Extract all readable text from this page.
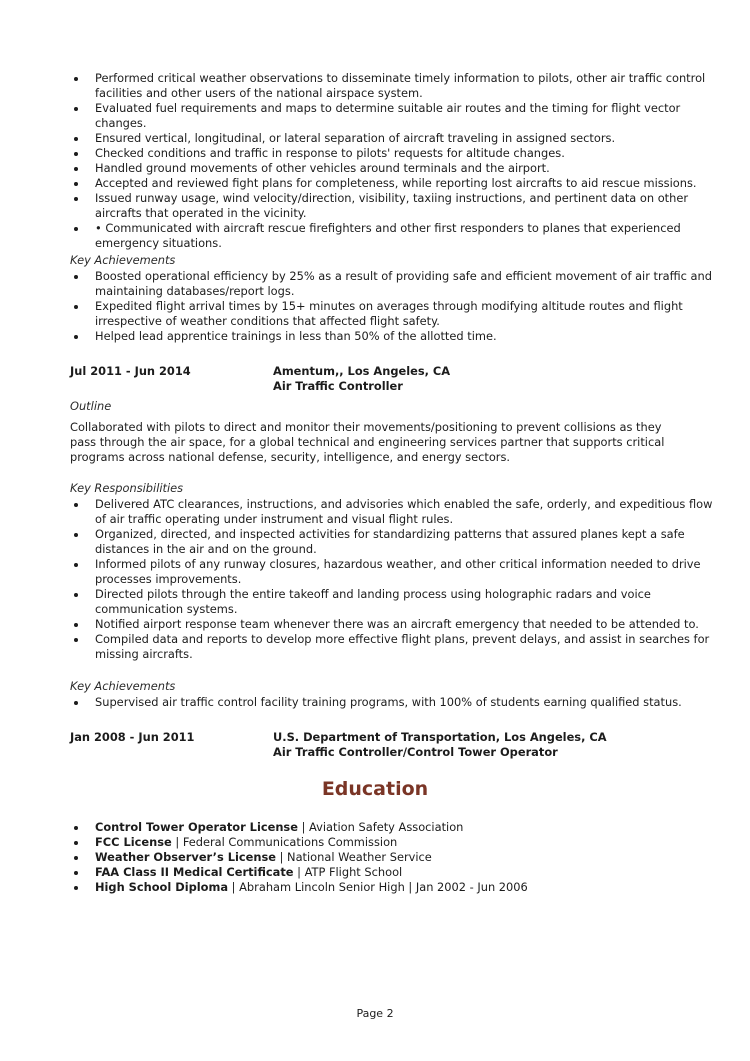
Performed critical weather observations to disseminate timely information to pilots, other air traffic control facilities and other users of the national airspace system.
Evaluated fuel requirements and maps to determine suitable air routes and the timing for flight vector changes.
Ensured vertical, longitudinal, or lateral separation of aircraft traveling in assigned sectors.
Checked conditions and traffic in response to pilots' requests for altitude changes.
Handled ground movements of other vehicles around terminals and the airport.
Accepted and reviewed fight plans for completeness, while reporting lost aircrafts to aid rescue missions.
Issued runway usage, wind velocity/direction, visibility, taxiing instructions, and pertinent data on other aircrafts that operated in the vicinity.
• Communicated with aircraft rescue firefighters and other first responders to planes that experienced emergency situations.
Key Achievements
Boosted operational efficiency by 25% as a result of providing safe and efficient movement of air traffic and maintaining databases/report logs.
Expedited flight arrival times by 15+ minutes on averages through modifying altitude routes and flight irrespective of weather conditions that affected flight safety.
Helped lead apprentice trainings in less than 50% of the allotted time.
Jul 2011 - Jun 2014	Amentum,, Los Angeles, CA
Air Traffic Controller
Outline
Collaborated with pilots to direct and monitor their movements/positioning to prevent collisions as they pass through the air space, for a global technical and engineering services partner that supports critical programs across national defense, security, intelligence, and energy sectors.
Key Responsibilities
Delivered ATC clearances, instructions, and advisories which enabled the safe, orderly, and expeditious flow of air traffic operating under instrument and visual flight rules.
Organized, directed, and inspected activities for standardizing patterns that assured planes kept a safe distances in the air and on the ground.
Informed pilots of any runway closures, hazardous weather, and other critical information needed to drive processes improvements.
Directed pilots through the entire takeoff and landing process using holographic radars and voice communication systems.
Notified airport response team whenever there was an aircraft emergency that needed to be attended to.
Compiled data and reports to develop more effective flight plans, prevent delays, and assist in searches for missing aircrafts.
Key Achievements
Supervised air traffic control facility training programs, with 100% of students earning qualified status.
Jan 2008 - Jun 2011	U.S. Department of Transportation, Los Angeles, CA
Air Traffic Controller/Control Tower Operator
Education
Control Tower Operator License | Aviation Safety Association
FCC License | Federal Communications Commission
Weather Observer’s License | National Weather Service
FAA Class II Medical Certificate | ATP Flight School
High School Diploma | Abraham Lincoln Senior High | Jan 2002 - Jun 2006
Page 2
